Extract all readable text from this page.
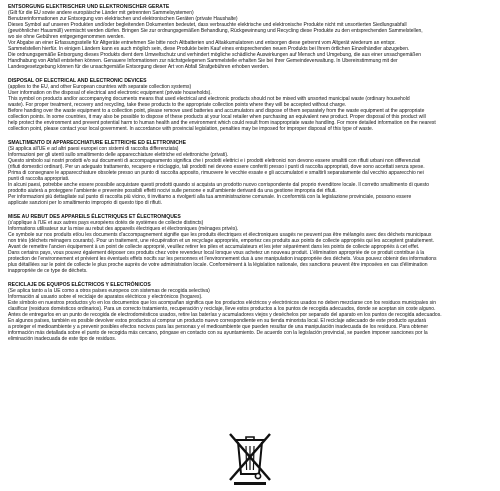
ENTSORGUNG ELEKTRISCHER UND ELEKTRONISCHER GERÄTE
(Gilt für die EU sowie andere europäische Länder mit getrennten Sammelsystemen)
Benutzerinformationen zur Entsorgung von elektrischen und elektronischen Geräten (private Haushalte)
Dieses Symbol auf unseren Produkten und/oder begleitenden Dokumenten bedeutet, dass verbrauchte elektrische und elektronische Produkte nicht mit unsortierten Siedlungsabfall
(gewöhnlicher Hausmüll) vermischt werden dürfen. Bringen Sie zur ordnungsgemäßen Behandlung, Rückgewinnung und Recycling diese Produkte zu den entsprechenden Sammelstellen,
wo sie ohne Gebühren entgegengenommen werden.
Vor Abgabe an einer Erfassungsstelle für Altgeräte entnehmen Sie bitte noch Altbatterien und Altakkumulatoren und entsorgen diese getrennt vom Altgerät wiederum an entspr.
Sammelstellen hierfür. In einigen Ländern kann es auch möglich sein, diese Produkte beim Kauf eines entsprechenden neuen Produkts bei Ihrem örtlichen Einzelhändler abzugeben.
Die ordnungsgemäße Entsorgung dieses Produkts dient dem Umweltschutz und verhindert mögliche schädliche Auswirkungen auf Mensch und Umgebung, die aus einer unsachgemäßen
Handhabung von Abfall entstehen können. Genauere Informationen zur nächstgelegenen Sammelstelle erhalten Sie bei Ihrer Gemeindeverwaltung. In Übereinstimmung mit der
Landesgesetzgebung können für die unsachgemäße Entsorgung dieser Art von Abfall Strafgebühren erhoben werden.
DISPOSAL OF ELECTRICAL AND ELECTRONIC DEVICES
(applies to the EU, and other European countries with separate collection systems)
User information on the disposal of electrical and electronic equipment (private households).
This symbol on products and/or accompanying documents means that used electrical and electronic products should not be mixed with unsorted municipal waste (ordinary household
waste). For proper treatment, recovery and recycling, take these products to the appropriate collection points where they will be accepted without charge.
Before handing over the waste equipment to a collection point, please remove used batteries and accumulators and dispose of them separately from the waste equipment at the appropriate
collection points. In some countries, it may also be possible to dispose of these products at your local retailer when purchasing an equivalent new product. Proper disposal of this product will
help protect the environment and prevent potential harm to human health and the environment which could result from inappropriate waste handling. For more detailed information on the nearest
collection point, please contact your local government. In accordance with provincial legislation, penalties may be imposed for improper disposal of this type of waste.
SMALTIMENTO DI APPARECCHIATURE ELETTRICHE ED ELETTRONICHE
(Si applica all'UE e ad altri paesi europei con sistemi di raccolta differenziata)
Informazioni per gli utenti sullo smaltimento delle apparecchiature elettriche ed elettroniche (privati).
Questo simbolo sui nostri prodotti e/o sui documenti di accompagnamento significa che i prodotti elettrici e i prodotti elettronici non devono essere smaltiti con rifiuti urbani non differenziati
(rifiuti domestici ordinari). Per un adeguato trattamento, recupero e riciclaggio, tali prodotti nei devono essere conferiti presso i punti di raccolta appropriati, dove sono accettati senza spese.
Prima di consegnare le apparecchiature obsolete presso un punto di raccolta apposito, rimuovere le vecchie essate e gli accumulatori e smaltirli separatamente dal vecchio apparecchio nei
punti di raccolta appropriati.
In alcuni paesi, potrebbe anche essere possibile acquistare questi prodotti quando si acquista un prodotto nuovo corrispondente dal proprio rivenditore locale. Il corretto smaltimento di questo
prodotto aiuterà a proteggere l'ambiente e prevenire possibili effetti nocivi sulle persone e sull'ambiente derivanti da una gestione impropria dei rifiuti.
Per informazioni più dettagliate sul punto di raccolta più vicino, ti invitiamo a rivolgerti alla tua amministrazione comunale. In conformità con la legislazione provinciale, possono essere
applicate sanzioni per lo smaltimento improprio di questo tipo di rifiuti.
MISE AU REBUT DES APPAREILS ÉLECTRIQUES ET ÉLECTRONIQUES
(s'applique à l'UE et aux autres pays européens dotés de systèmes de collecte distincts)
Informations utilisateur sur la mise au rebut des appareils électriques et électroniques (ménages privés).
Ce symbole sur nos produits et/ou les documents d'accompagnement signifie que les produits électriques et électroniques usagés ne peuvent pas être mélangés avec des déchets municipaux
non triés (déchets ménagers courants). Pour un traitement, une récupération et un recyclage appropriés, emportez ces produits aux points de collecte appropriés qui les acceptent gratuitement.
Avant de remettre l'ancien équipement à un point de collecte approprié, veuillez retirer les piles et accumulateurs et les jeter séparément dans les points de collecte appropriés à cet effet.
Dans certains pays, vous pouvez également déposer ces produits chez votre revendeur local lorsque vous achetez un nouveau produit. L'élimination appropriée de ce produit contribue à la
protection de l'environnement et prévient les éventuels effets nocifs sur les personnes et l'environnement dus à une manipulation inappropriée des déchets. Vous pouvez obtenir des informations
plus détaillées sur le point de collecte le plus proche auprès de votre administration locale. Conformément à la législation nationale, des sanctions peuvent être imposées en cas d'élimination
inappropriée de ce type de déchets.
RECICLAJE DE EQUIPOS ELÉCTRICOS Y ELECTRÓNICOS
(Se aplica tanto a la UE como a otros países europeos con sistemas de recogida selectiva)
Información al usuario sobre el reciclaje de aparatos eléctricos y electrónicos (hogares).
Este símbolo en nuestros productos y/o en los documentos que los acompañan significa que los productos eléctricos y electrónicos usados no deben mezclarse con los residuos municipales sin
clasificar (residuos domésticos ordinarios). Para un correcto tratamiento, recuperación y reciclaje, lleve estos productos a los puntos de recogida adecuados, donde se aceptan sin coste alguno.
Antes de entregarlos en un punto de recogida de electrodomésticos usados, retire las baterías y acumuladores viejos y deséchelos por separado del aparato en los puntos de recogida adecuados.
En algunos países, también es posible devolver estos productos al comprar un producto nuevo correspondiente en su tienda minorista local. El reciclaje adecuado de este producto ayudará
a proteger el medioambiente y a prevenir posibles efectos nocivos para las personas y el medioambiente que pueden resultar de una manipulación inadecuada de los residuos. Para obtener
información más detallada sobre el punto de recogida más cercano, póngase en contacto con su ayuntamiento. De acuerdo con la legislación provincial, se pueden imponer sanciones por la
eliminación inadecuada de este tipo de residuos.
